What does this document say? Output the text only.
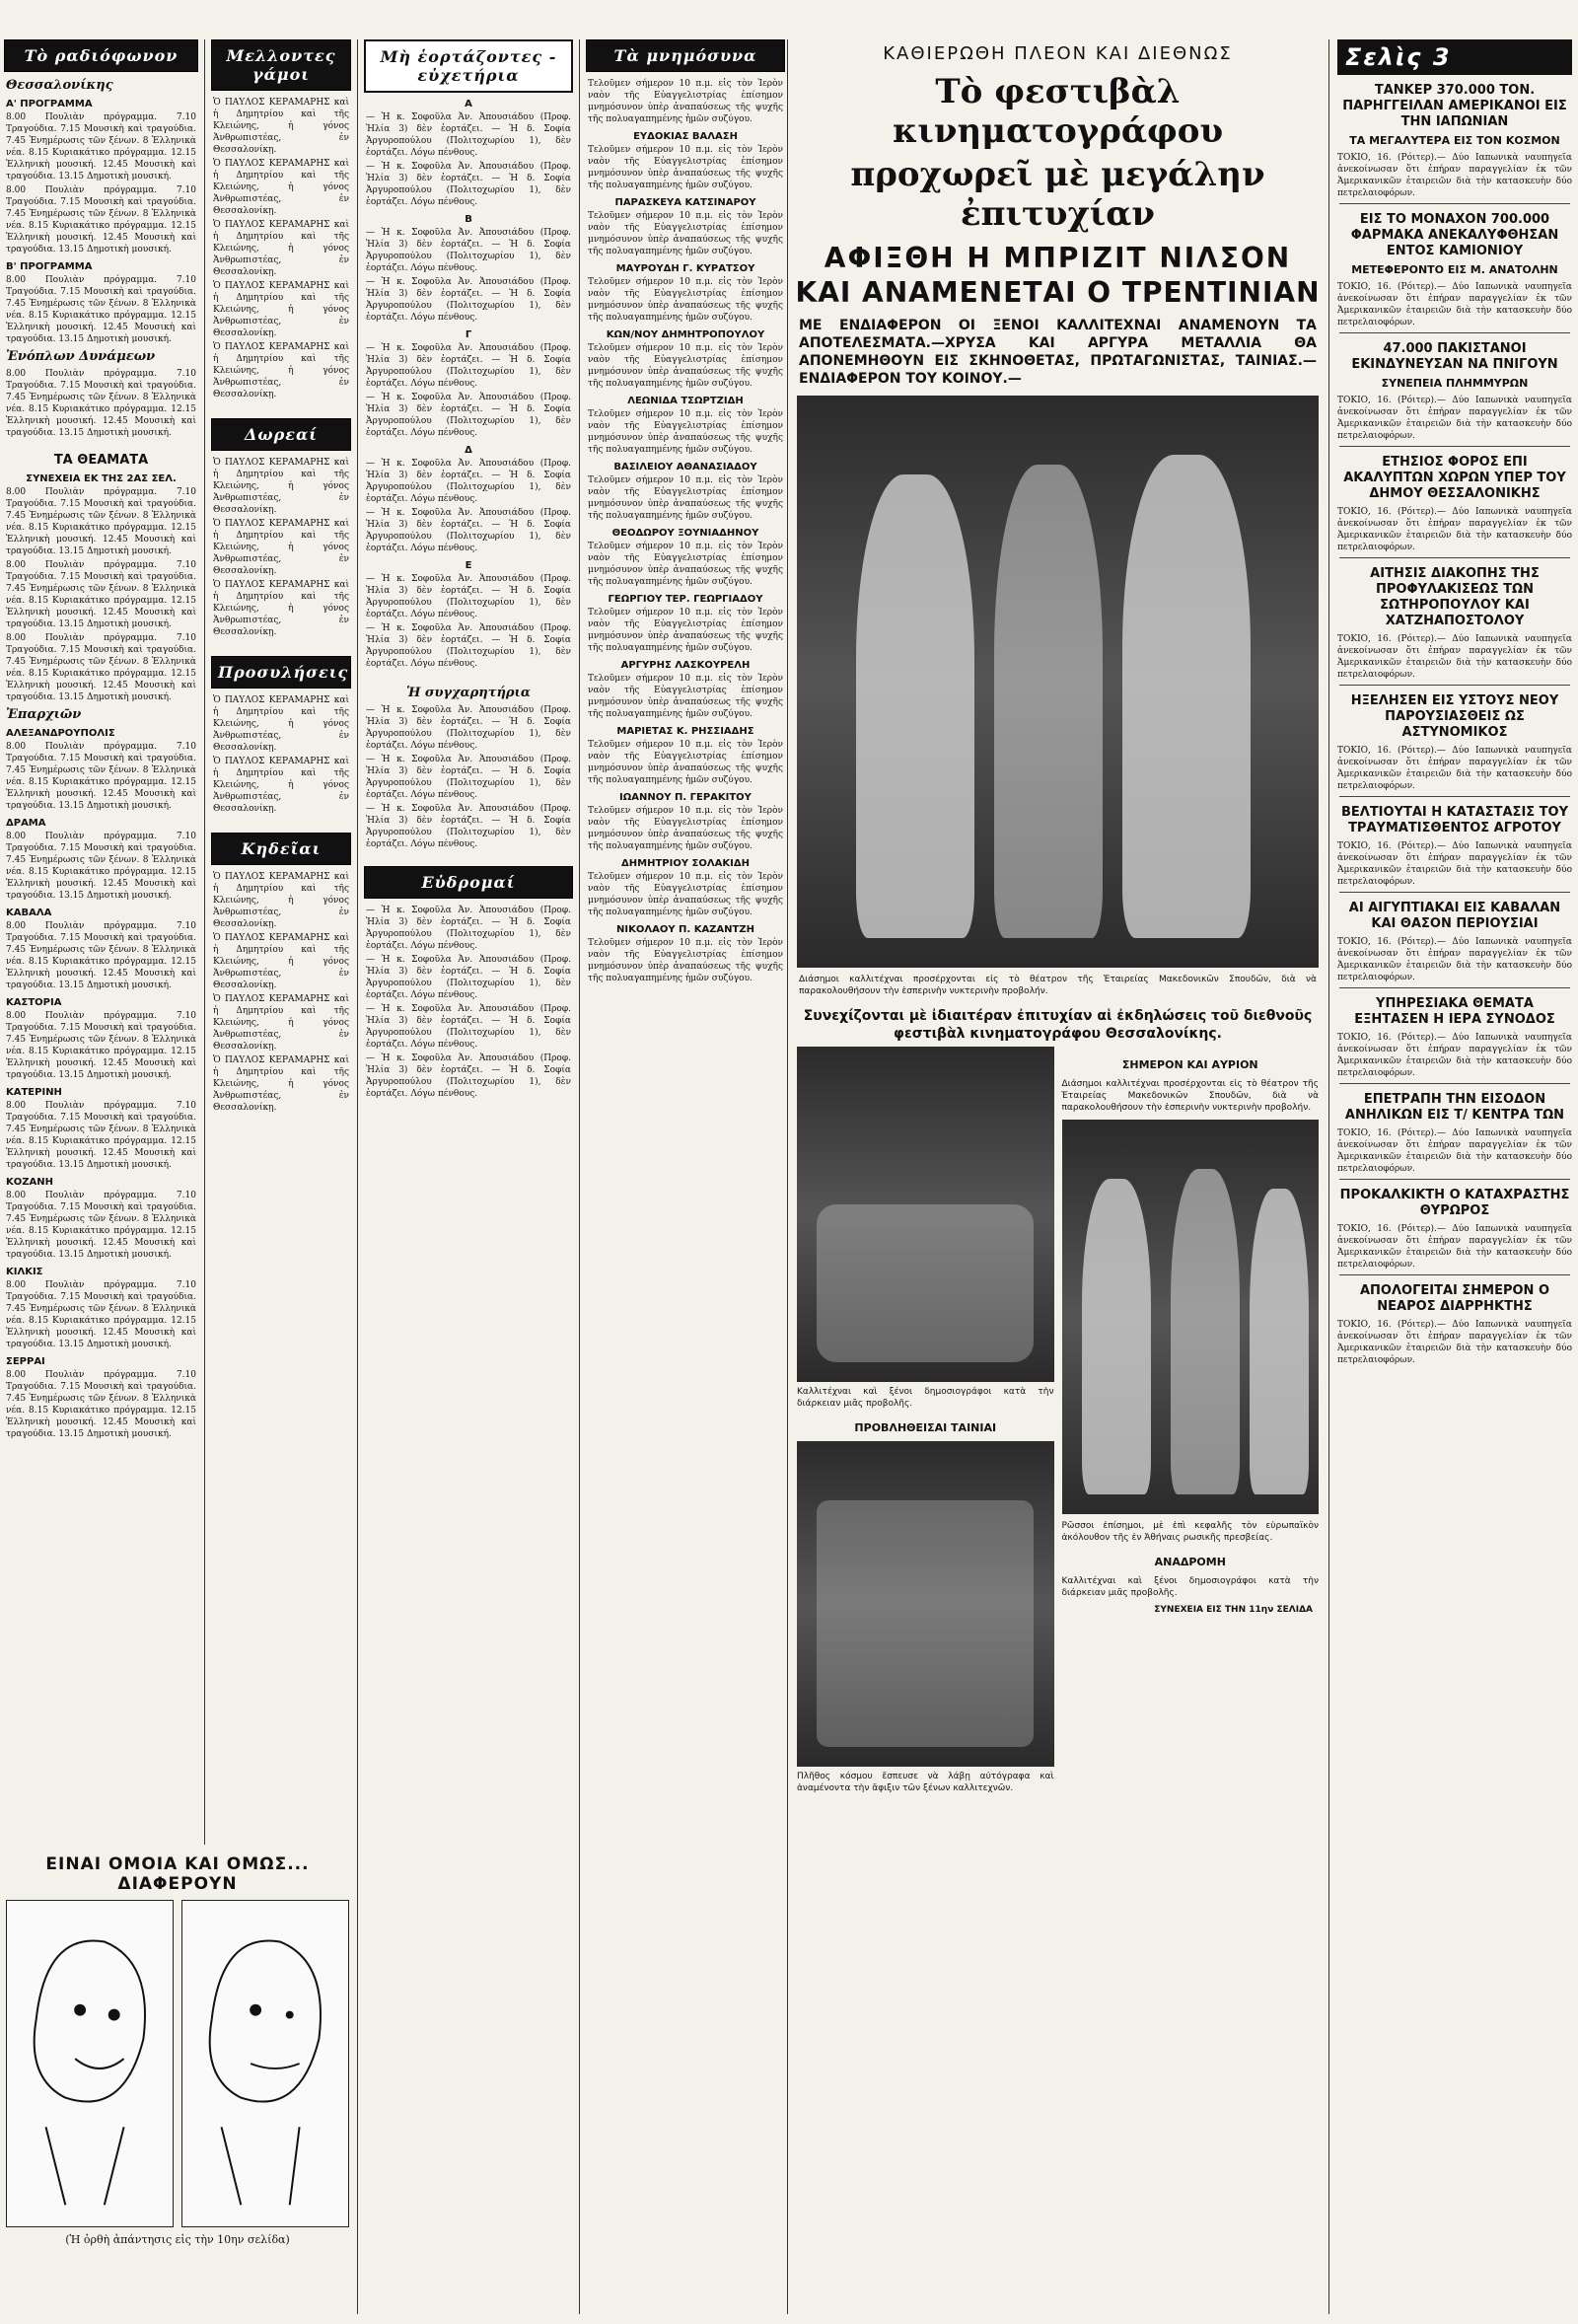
Τὸ ραδιόφωνον
Θεσσαλονίκης
Α' ΠΡΟΓΡΑΜΜΑ
8.00 Πουλιὰν πρόγραμμα. 7.10 Τραγούδια. 7.15 Μουσικὴ καὶ τραγούδια. 7.45 Ἐνημέρωσις τῶν ξένων. 8 Ἑλληνικὰ νέα. 8.15 Κυριακάτικο πρόγραμμα. 12.15 Ἑλληνικὴ μουσική. 12.45 Μουσικὴ καὶ τραγούδια. 13.15 Δημοτικὴ μουσική.
8.00 Πουλιὰν πρόγραμμα. 7.10 Τραγούδια. 7.15 Μουσικὴ καὶ τραγούδια. 7.45 Ἐνημέρωσις τῶν ξένων. 8 Ἑλληνικὰ νέα. 8.15 Κυριακάτικο πρόγραμμα. 12.15 Ἑλληνικὴ μουσική. 12.45 Μουσικὴ καὶ τραγούδια. 13.15 Δημοτικὴ μουσική.
Β' ΠΡΟΓΡΑΜΜΑ
8.00 Πουλιὰν πρόγραμμα. 7.10 Τραγούδια. 7.15 Μουσικὴ καὶ τραγούδια. 7.45 Ἐνημέρωσις τῶν ξένων. 8 Ἑλληνικὰ νέα. 8.15 Κυριακάτικο πρόγραμμα. 12.15 Ἑλληνικὴ μουσική. 12.45 Μουσικὴ καὶ τραγούδια. 13.15 Δημοτικὴ μουσική.
Ἐνόπλων Δυνάμεων
8.00 Πουλιὰν πρόγραμμα. 7.10 Τραγούδια. 7.15 Μουσικὴ καὶ τραγούδια. 7.45 Ἐνημέρωσις τῶν ξένων. 8 Ἑλληνικὰ νέα. 8.15 Κυριακάτικο πρόγραμμα. 12.15 Ἑλληνικὴ μουσική. 12.45 Μουσικὴ καὶ τραγούδια. 13.15 Δημοτικὴ μουσική.
ΤΑ ΘΕΑΜΑΤΑ
ΣΥΝΕΧΕΙΑ ΕΚ ΤΗΣ 2ΑΣ ΣΕΛ.
8.00 Πουλιὰν πρόγραμμα. 7.10 Τραγούδια. 7.15 Μουσικὴ καὶ τραγούδια. 7.45 Ἐνημέρωσις τῶν ξένων. 8 Ἑλληνικὰ νέα. 8.15 Κυριακάτικο πρόγραμμα. 12.15 Ἑλληνικὴ μουσική. 12.45 Μουσικὴ καὶ τραγούδια. 13.15 Δημοτικὴ μουσική.
8.00 Πουλιὰν πρόγραμμα. 7.10 Τραγούδια. 7.15 Μουσικὴ καὶ τραγούδια. 7.45 Ἐνημέρωσις τῶν ξένων. 8 Ἑλληνικὰ νέα. 8.15 Κυριακάτικο πρόγραμμα. 12.15 Ἑλληνικὴ μουσική. 12.45 Μουσικὴ καὶ τραγούδια. 13.15 Δημοτικὴ μουσική.
8.00 Πουλιὰν πρόγραμμα. 7.10 Τραγούδια. 7.15 Μουσικὴ καὶ τραγούδια. 7.45 Ἐνημέρωσις τῶν ξένων. 8 Ἑλληνικὰ νέα. 8.15 Κυριακάτικο πρόγραμμα. 12.15 Ἑλληνικὴ μουσική. 12.45 Μουσικὴ καὶ τραγούδια. 13.15 Δημοτικὴ μουσική.
Ἐπαρχιῶν
ΑΛΕΞΑΝΔΡΟΥΠΟΛΙΣ
8.00 Πουλιὰν πρόγραμμα. 7.10 Τραγούδια. 7.15 Μουσικὴ καὶ τραγούδια. 7.45 Ἐνημέρωσις τῶν ξένων. 8 Ἑλληνικὰ νέα. 8.15 Κυριακάτικο πρόγραμμα. 12.15 Ἑλληνικὴ μουσική. 12.45 Μουσικὴ καὶ τραγούδια. 13.15 Δημοτικὴ μουσική.
ΔΡΑΜΑ
8.00 Πουλιὰν πρόγραμμα. 7.10 Τραγούδια. 7.15 Μουσικὴ καὶ τραγούδια. 7.45 Ἐνημέρωσις τῶν ξένων. 8 Ἑλληνικὰ νέα. 8.15 Κυριακάτικο πρόγραμμα. 12.15 Ἑλληνικὴ μουσική. 12.45 Μουσικὴ καὶ τραγούδια. 13.15 Δημοτικὴ μουσική.
ΚΑΒΑΛΑ
8.00 Πουλιὰν πρόγραμμα. 7.10 Τραγούδια. 7.15 Μουσικὴ καὶ τραγούδια. 7.45 Ἐνημέρωσις τῶν ξένων. 8 Ἑλληνικὰ νέα. 8.15 Κυριακάτικο πρόγραμμα. 12.15 Ἑλληνικὴ μουσική. 12.45 Μουσικὴ καὶ τραγούδια. 13.15 Δημοτικὴ μουσική.
ΚΑΣΤΟΡΙΑ
8.00 Πουλιὰν πρόγραμμα. 7.10 Τραγούδια. 7.15 Μουσικὴ καὶ τραγούδια. 7.45 Ἐνημέρωσις τῶν ξένων. 8 Ἑλληνικὰ νέα. 8.15 Κυριακάτικο πρόγραμμα. 12.15 Ἑλληνικὴ μουσική. 12.45 Μουσικὴ καὶ τραγούδια. 13.15 Δημοτικὴ μουσική.
ΚΑΤΕΡΙΝΗ
8.00 Πουλιὰν πρόγραμμα. 7.10 Τραγούδια. 7.15 Μουσικὴ καὶ τραγούδια. 7.45 Ἐνημέρωσις τῶν ξένων. 8 Ἑλληνικὰ νέα. 8.15 Κυριακάτικο πρόγραμμα. 12.15 Ἑλληνικὴ μουσική. 12.45 Μουσικὴ καὶ τραγούδια. 13.15 Δημοτικὴ μουσική.
ΚΟΖΑΝΗ
8.00 Πουλιὰν πρόγραμμα. 7.10 Τραγούδια. 7.15 Μουσικὴ καὶ τραγούδια. 7.45 Ἐνημέρωσις τῶν ξένων. 8 Ἑλληνικὰ νέα. 8.15 Κυριακάτικο πρόγραμμα. 12.15 Ἑλληνικὴ μουσική. 12.45 Μουσικὴ καὶ τραγούδια. 13.15 Δημοτικὴ μουσική.
ΚΙΛΚΙΣ
8.00 Πουλιὰν πρόγραμμα. 7.10 Τραγούδια. 7.15 Μουσικὴ καὶ τραγούδια. 7.45 Ἐνημέρωσις τῶν ξένων. 8 Ἑλληνικὰ νέα. 8.15 Κυριακάτικο πρόγραμμα. 12.15 Ἑλληνικὴ μουσική. 12.45 Μουσικὴ καὶ τραγούδια. 13.15 Δημοτικὴ μουσική.
ΣΕΡΡΑΙ
8.00 Πουλιὰν πρόγραμμα. 7.10 Τραγούδια. 7.15 Μουσικὴ καὶ τραγούδια. 7.45 Ἐνημέρωσις τῶν ξένων. 8 Ἑλληνικὰ νέα. 8.15 Κυριακάτικο πρόγραμμα. 12.15 Ἑλληνικὴ μουσική. 12.45 Μουσικὴ καὶ τραγούδια. 13.15 Δημοτικὴ μουσική.
Μελλοντες γάμοι
Ὁ ΠΑΥΛΟΣ ΚΕΡΑΜΑΡΗΣ καὶ ἡ Δημητρίου καὶ τῆς Κλειώνης, ἡ γόνος Ἀνθρωπιστέας, ἐν Θεσσαλονίκῃ.
Ὁ ΠΑΥΛΟΣ ΚΕΡΑΜΑΡΗΣ καὶ ἡ Δημητρίου καὶ τῆς Κλειώνης, ἡ γόνος Ἀνθρωπιστέας, ἐν Θεσσαλονίκῃ.
Ὁ ΠΑΥΛΟΣ ΚΕΡΑΜΑΡΗΣ καὶ ἡ Δημητρίου καὶ τῆς Κλειώνης, ἡ γόνος Ἀνθρωπιστέας, ἐν Θεσσαλονίκῃ.
Ὁ ΠΑΥΛΟΣ ΚΕΡΑΜΑΡΗΣ καὶ ἡ Δημητρίου καὶ τῆς Κλειώνης, ἡ γόνος Ἀνθρωπιστέας, ἐν Θεσσαλονίκῃ.
Ὁ ΠΑΥΛΟΣ ΚΕΡΑΜΑΡΗΣ καὶ ἡ Δημητρίου καὶ τῆς Κλειώνης, ἡ γόνος Ἀνθρωπιστέας, ἐν Θεσσαλονίκῃ.
Δωρεαί
Ὁ ΠΑΥΛΟΣ ΚΕΡΑΜΑΡΗΣ καὶ ἡ Δημητρίου καὶ τῆς Κλειώνης, ἡ γόνος Ἀνθρωπιστέας, ἐν Θεσσαλονίκῃ.
Ὁ ΠΑΥΛΟΣ ΚΕΡΑΜΑΡΗΣ καὶ ἡ Δημητρίου καὶ τῆς Κλειώνης, ἡ γόνος Ἀνθρωπιστέας, ἐν Θεσσαλονίκῃ.
Ὁ ΠΑΥΛΟΣ ΚΕΡΑΜΑΡΗΣ καὶ ἡ Δημητρίου καὶ τῆς Κλειώνης, ἡ γόνος Ἀνθρωπιστέας, ἐν Θεσσαλονίκῃ.
Προσυλήσεις
Ὁ ΠΑΥΛΟΣ ΚΕΡΑΜΑΡΗΣ καὶ ἡ Δημητρίου καὶ τῆς Κλειώνης, ἡ γόνος Ἀνθρωπιστέας, ἐν Θεσσαλονίκῃ.
Ὁ ΠΑΥΛΟΣ ΚΕΡΑΜΑΡΗΣ καὶ ἡ Δημητρίου καὶ τῆς Κλειώνης, ἡ γόνος Ἀνθρωπιστέας, ἐν Θεσσαλονίκῃ.
Κηδεῖαι
Ὁ ΠΑΥΛΟΣ ΚΕΡΑΜΑΡΗΣ καὶ ἡ Δημητρίου καὶ τῆς Κλειώνης, ἡ γόνος Ἀνθρωπιστέας, ἐν Θεσσαλονίκῃ.
Ὁ ΠΑΥΛΟΣ ΚΕΡΑΜΑΡΗΣ καὶ ἡ Δημητρίου καὶ τῆς Κλειώνης, ἡ γόνος Ἀνθρωπιστέας, ἐν Θεσσαλονίκῃ.
Ὁ ΠΑΥΛΟΣ ΚΕΡΑΜΑΡΗΣ καὶ ἡ Δημητρίου καὶ τῆς Κλειώνης, ἡ γόνος Ἀνθρωπιστέας, ἐν Θεσσαλονίκῃ.
Ὁ ΠΑΥΛΟΣ ΚΕΡΑΜΑΡΗΣ καὶ ἡ Δημητρίου καὶ τῆς Κλειώνης, ἡ γόνος Ἀνθρωπιστέας, ἐν Θεσσαλονίκῃ.
Μὴ ἑορτάζοντες - εὐχετήρια
Α
— Ἡ κ. Σοφοῦλα Ἀν. Ἀπουσιάδου (Προφ. Ἠλία 3) δὲν ἑορτάζει. — Ἡ δ. Σοφία Ἀργυροπούλου (Πολιτοχωρίου 1), δὲν ἑορτάζει. Λόγω πένθους.
— Ἡ κ. Σοφοῦλα Ἀν. Ἀπουσιάδου (Προφ. Ἠλία 3) δὲν ἑορτάζει. — Ἡ δ. Σοφία Ἀργυροπούλου (Πολιτοχωρίου 1), δὲν ἑορτάζει. Λόγω πένθους.
Β
— Ἡ κ. Σοφοῦλα Ἀν. Ἀπουσιάδου (Προφ. Ἠλία 3) δὲν ἑορτάζει. — Ἡ δ. Σοφία Ἀργυροπούλου (Πολιτοχωρίου 1), δὲν ἑορτάζει. Λόγω πένθους.
— Ἡ κ. Σοφοῦλα Ἀν. Ἀπουσιάδου (Προφ. Ἠλία 3) δὲν ἑορτάζει. — Ἡ δ. Σοφία Ἀργυροπούλου (Πολιτοχωρίου 1), δὲν ἑορτάζει. Λόγω πένθους.
Γ
— Ἡ κ. Σοφοῦλα Ἀν. Ἀπουσιάδου (Προφ. Ἠλία 3) δὲν ἑορτάζει. — Ἡ δ. Σοφία Ἀργυροπούλου (Πολιτοχωρίου 1), δὲν ἑορτάζει. Λόγω πένθους.
— Ἡ κ. Σοφοῦλα Ἀν. Ἀπουσιάδου (Προφ. Ἠλία 3) δὲν ἑορτάζει. — Ἡ δ. Σοφία Ἀργυροπούλου (Πολιτοχωρίου 1), δὲν ἑορτάζει. Λόγω πένθους.
Δ
— Ἡ κ. Σοφοῦλα Ἀν. Ἀπουσιάδου (Προφ. Ἠλία 3) δὲν ἑορτάζει. — Ἡ δ. Σοφία Ἀργυροπούλου (Πολιτοχωρίου 1), δὲν ἑορτάζει. Λόγω πένθους.
— Ἡ κ. Σοφοῦλα Ἀν. Ἀπουσιάδου (Προφ. Ἠλία 3) δὲν ἑορτάζει. — Ἡ δ. Σοφία Ἀργυροπούλου (Πολιτοχωρίου 1), δὲν ἑορτάζει. Λόγω πένθους.
Ε
— Ἡ κ. Σοφοῦλα Ἀν. Ἀπουσιάδου (Προφ. Ἠλία 3) δὲν ἑορτάζει. — Ἡ δ. Σοφία Ἀργυροπούλου (Πολιτοχωρίου 1), δὲν ἑορτάζει. Λόγω πένθους.
— Ἡ κ. Σοφοῦλα Ἀν. Ἀπουσιάδου (Προφ. Ἠλία 3) δὲν ἑορτάζει. — Ἡ δ. Σοφία Ἀργυροπούλου (Πολιτοχωρίου 1), δὲν ἑορτάζει. Λόγω πένθους.
Ἡ συγχαρητήρια
— Ἡ κ. Σοφοῦλα Ἀν. Ἀπουσιάδου (Προφ. Ἠλία 3) δὲν ἑορτάζει. — Ἡ δ. Σοφία Ἀργυροπούλου (Πολιτοχωρίου 1), δὲν ἑορτάζει. Λόγω πένθους.
— Ἡ κ. Σοφοῦλα Ἀν. Ἀπουσιάδου (Προφ. Ἠλία 3) δὲν ἑορτάζει. — Ἡ δ. Σοφία Ἀργυροπούλου (Πολιτοχωρίου 1), δὲν ἑορτάζει. Λόγω πένθους.
— Ἡ κ. Σοφοῦλα Ἀν. Ἀπουσιάδου (Προφ. Ἠλία 3) δὲν ἑορτάζει. — Ἡ δ. Σοφία Ἀργυροπούλου (Πολιτοχωρίου 1), δὲν ἑορτάζει. Λόγω πένθους.
Εὐδρομαί
— Ἡ κ. Σοφοῦλα Ἀν. Ἀπουσιάδου (Προφ. Ἠλία 3) δὲν ἑορτάζει. — Ἡ δ. Σοφία Ἀργυροπούλου (Πολιτοχωρίου 1), δὲν ἑορτάζει. Λόγω πένθους.
— Ἡ κ. Σοφοῦλα Ἀν. Ἀπουσιάδου (Προφ. Ἠλία 3) δὲν ἑορτάζει. — Ἡ δ. Σοφία Ἀργυροπούλου (Πολιτοχωρίου 1), δὲν ἑορτάζει. Λόγω πένθους.
— Ἡ κ. Σοφοῦλα Ἀν. Ἀπουσιάδου (Προφ. Ἠλία 3) δὲν ἑορτάζει. — Ἡ δ. Σοφία Ἀργυροπούλου (Πολιτοχωρίου 1), δὲν ἑορτάζει. Λόγω πένθους.
— Ἡ κ. Σοφοῦλα Ἀν. Ἀπουσιάδου (Προφ. Ἠλία 3) δὲν ἑορτάζει. — Ἡ δ. Σοφία Ἀργυροπούλου (Πολιτοχωρίου 1), δὲν ἑορτάζει. Λόγω πένθους.
Τὰ μνημόσυνα
Τελοῦμεν σήμερον 10 π.μ. εἰς τὸν Ἱερὸν ναὸν τῆς Εὐαγγελιστρίας ἐπίσημον μνημόσυνον ὑπὲρ ἀναπαύσεως τῆς ψυχῆς τῆς πολυαγαπημένης ἡμῶν συζύγου.
ΕΥΔΟΚΙΑΣ ΒΑΛΑΣΗ
Τελοῦμεν σήμερον 10 π.μ. εἰς τὸν Ἱερὸν ναὸν τῆς Εὐαγγελιστρίας ἐπίσημον μνημόσυνον ὑπὲρ ἀναπαύσεως τῆς ψυχῆς τῆς πολυαγαπημένης ἡμῶν συζύγου.
ΠΑΡΑΣΚΕΥΑ ΚΑΤΣΙΝΑΡΟΥ
Τελοῦμεν σήμερον 10 π.μ. εἰς τὸν Ἱερὸν ναὸν τῆς Εὐαγγελιστρίας ἐπίσημον μνημόσυνον ὑπὲρ ἀναπαύσεως τῆς ψυχῆς τῆς πολυαγαπημένης ἡμῶν συζύγου.
ΜΑΥΡΟΥΔΗ Γ. ΚΥΡΑΤΣΟΥ
Τελοῦμεν σήμερον 10 π.μ. εἰς τὸν Ἱερὸν ναὸν τῆς Εὐαγγελιστρίας ἐπίσημον μνημόσυνον ὑπὲρ ἀναπαύσεως τῆς ψυχῆς τῆς πολυαγαπημένης ἡμῶν συζύγου.
ΚΩΝ/ΝΟΥ ΔΗΜΗΤΡΟΠΟΥΛΟΥ
Τελοῦμεν σήμερον 10 π.μ. εἰς τὸν Ἱερὸν ναὸν τῆς Εὐαγγελιστρίας ἐπίσημον μνημόσυνον ὑπὲρ ἀναπαύσεως τῆς ψυχῆς τῆς πολυαγαπημένης ἡμῶν συζύγου.
ΛΕΩΝΙΔΑ ΤΣΩΡΤΖΙΔΗ
Τελοῦμεν σήμερον 10 π.μ. εἰς τὸν Ἱερὸν ναὸν τῆς Εὐαγγελιστρίας ἐπίσημον μνημόσυνον ὑπὲρ ἀναπαύσεως τῆς ψυχῆς τῆς πολυαγαπημένης ἡμῶν συζύγου.
ΒΑΣΙΛΕΙΟΥ ΑΘΑΝΑΣΙΑΔΟΥ
Τελοῦμεν σήμερον 10 π.μ. εἰς τὸν Ἱερὸν ναὸν τῆς Εὐαγγελιστρίας ἐπίσημον μνημόσυνον ὑπὲρ ἀναπαύσεως τῆς ψυχῆς τῆς πολυαγαπημένης ἡμῶν συζύγου.
ΘΕΟΔΩΡΟΥ ΞΟΥΝΙΑΔΗΝΟΥ
Τελοῦμεν σήμερον 10 π.μ. εἰς τὸν Ἱερὸν ναὸν τῆς Εὐαγγελιστρίας ἐπίσημον μνημόσυνον ὑπὲρ ἀναπαύσεως τῆς ψυχῆς τῆς πολυαγαπημένης ἡμῶν συζύγου.
ΓΕΩΡΓΙΟΥ ΤΕΡ. ΓΕΩΡΓΙΑΔΟΥ
Τελοῦμεν σήμερον 10 π.μ. εἰς τὸν Ἱερὸν ναὸν τῆς Εὐαγγελιστρίας ἐπίσημον μνημόσυνον ὑπὲρ ἀναπαύσεως τῆς ψυχῆς τῆς πολυαγαπημένης ἡμῶν συζύγου.
ΑΡΓΥΡΗΣ ΛΑΣΚΟΥΡΕΛΗ
Τελοῦμεν σήμερον 10 π.μ. εἰς τὸν Ἱερὸν ναὸν τῆς Εὐαγγελιστρίας ἐπίσημον μνημόσυνον ὑπὲρ ἀναπαύσεως τῆς ψυχῆς τῆς πολυαγαπημένης ἡμῶν συζύγου.
ΜΑΡΙΕΤΑΣ Κ. ΡΗΣΣΙΑΔΗΣ
Τελοῦμεν σήμερον 10 π.μ. εἰς τὸν Ἱερὸν ναὸν τῆς Εὐαγγελιστρίας ἐπίσημον μνημόσυνον ὑπὲρ ἀναπαύσεως τῆς ψυχῆς τῆς πολυαγαπημένης ἡμῶν συζύγου.
ΙΩΑΝΝΟΥ Π. ΓΕΡΑΚΙΤΟΥ
Τελοῦμεν σήμερον 10 π.μ. εἰς τὸν Ἱερὸν ναὸν τῆς Εὐαγγελιστρίας ἐπίσημον μνημόσυνον ὑπὲρ ἀναπαύσεως τῆς ψυχῆς τῆς πολυαγαπημένης ἡμῶν συζύγου.
ΔΗΜΗΤΡΙΟΥ ΣΟΛΑΚΙΔΗ
Τελοῦμεν σήμερον 10 π.μ. εἰς τὸν Ἱερὸν ναὸν τῆς Εὐαγγελιστρίας ἐπίσημον μνημόσυνον ὑπὲρ ἀναπαύσεως τῆς ψυχῆς τῆς πολυαγαπημένης ἡμῶν συζύγου.
ΝΙΚΟΛΑΟΥ Π. ΚΑΖΑΝΤΖΗ
Τελοῦμεν σήμερον 10 π.μ. εἰς τὸν Ἱερὸν ναὸν τῆς Εὐαγγελιστρίας ἐπίσημον μνημόσυνον ὑπὲρ ἀναπαύσεως τῆς ψυχῆς τῆς πολυαγαπημένης ἡμῶν συζύγου.
ΚΑΘΙΕΡΩΘΗ ΠΛΕΟΝ ΚΑΙ ΔΙΕΘΝΩΣ
Τὸ φεστιβὰλ κινηματογράφου
προχωρεῖ μὲ μεγάλην ἐπιτυχίαν
ΑΦΙΞΘΗ Η ΜΠΡΙΖΙΤ ΝΙΛΣΟΝ
ΚΑΙ ΑΝΑΜΕΝΕΤΑΙ Ο ΤΡΕΝΤΙΝΙΑΝ
ΜΕ ΕΝΔΙΑΦΕΡΟΝ ΟΙ ΞΕΝΟΙ ΚΑΛΛΙΤΕΧΝΑΙ ΑΝΑΜΕΝΟΥΝ ΤΑ ΑΠΟΤΕΛΕΣΜΑΤΑ.—ΧΡΥΣΑ ΚΑΙ ΑΡΓΥΡΑ ΜΕΤΑΛΛΙΑ ΘΑ ΑΠΟΝΕΜΗΘΟΥΝ ΕΙΣ ΣΚΗΝΟΘΕΤΑΣ, ΠΡΩΤΑΓΩΝΙΣΤΑΣ, ΤΑΙΝΙΑΣ.— ΕΝΔΙΑΦΕΡΟΝ ΤΟΥ ΚΟΙΝΟΥ.—
Διάσημοι καλλιτέχναι προσέρχονται εἰς τὸ θέατρον τῆς Ἑταιρείας Μακεδονικῶν Σπουδῶν, διὰ νὰ παρακολουθήσουν τὴν ἑσπερινὴν νυκτερινὴν προβολήν.
Συνεχίζονται μὲ ἰδιαιτέραν ἐπιτυχίαν αἱ ἐκδηλώσεις τοῦ διεθνοῦς φεστιβὰλ κινηματογράφου Θεσσαλονίκης.
Καλλιτέχναι καὶ ξένοι δημοσιογράφοι κατὰ τὴν διάρκειαν μιᾶς προβολῆς.
ΠΡΟΒΛΗΘΕΙΣΑΙ ΤΑΙΝΙΑΙ
Πλῆθος κόσμου ἔσπευσε νὰ λάβῃ αὐτόγραφα καὶ ἀναμένοντα τὴν ἄφιξιν τῶν ξένων καλλιτεχνῶν.
ΣΗΜΕΡΟΝ ΚΑΙ ΑΥΡΙΟΝ
Διάσημοι καλλιτέχναι προσέρχονται εἰς τὸ θέατρον τῆς Ἑταιρείας Μακεδονικῶν Σπουδῶν, διὰ νὰ παρακολουθήσουν τὴν ἑσπερινὴν νυκτερινὴν προβολήν.
Ρῶσσοι ἐπίσημοι, μὲ ἐπὶ κεφαλῆς τὸν εὐρωπαϊκὸν ἀκόλουθον τῆς ἐν Ἀθήναις ρωσικῆς πρεσβείας.
ΑΝΑΔΡΟΜΗ
Καλλιτέχναι καὶ ξένοι δημοσιογράφοι κατὰ τὴν διάρκειαν μιᾶς προβολῆς.
ΣΥΝΕΧΕΙΑ ΕΙΣ ΤΗΝ 11ην ΣΕΛΙΔΑ
Σελὶς 3
ΤΑΝΚΕΡ 370.000 ΤΟΝ. ΠΑΡΗΓΓΕΙΛΑΝ ΑΜΕΡΙΚΑΝΟΙ ΕΙΣ ΤΗΝ ΙΑΠΩΝΙΑΝ
ΤΑ ΜΕΓΑΛΥΤΕΡΑ ΕΙΣ ΤΟΝ ΚΟΣΜΟΝ
ΤΟΚΙΟ, 16. (Ρόιτερ).— Δύο Ιαπωνικὰ ναυπηγεῖα ἀνεκοίνωσαν ὅτι ἐπήραν παραγγελίαν ἐκ τῶν Ἀμερικανικῶν ἑταιρειῶν διὰ τὴν κατασκευὴν δύο πετρελαιοφόρων.
ΕΙΣ ΤΟ ΜΟΝΑΧΟΝ 700.000 ΦΑΡΜΑΚΑ ΑΝΕΚΑΛΥΦΘΗΣΑΝ ΕΝΤΟΣ ΚΑΜΙΟΝΙΟΥ
ΜΕΤΕΦΕΡΟΝΤΟ ΕΙΣ Μ. ΑΝΑΤΟΛΗΝ
ΤΟΚΙΟ, 16. (Ρόιτερ).— Δύο Ιαπωνικὰ ναυπηγεῖα ἀνεκοίνωσαν ὅτι ἐπήραν παραγγελίαν ἐκ τῶν Ἀμερικανικῶν ἑταιρειῶν διὰ τὴν κατασκευὴν δύο πετρελαιοφόρων.
47.000 ΠΑΚΙΣΤΑΝΟΙ ΕΚΙΝΔΥΝΕΥΣΑΝ ΝΑ ΠΝΙΓΟΥΝ
ΣΥΝΕΠΕΙΑ ΠΛΗΜΜΥΡΩΝ
ΤΟΚΙΟ, 16. (Ρόιτερ).— Δύο Ιαπωνικὰ ναυπηγεῖα ἀνεκοίνωσαν ὅτι ἐπήραν παραγγελίαν ἐκ τῶν Ἀμερικανικῶν ἑταιρειῶν διὰ τὴν κατασκευὴν δύο πετρελαιοφόρων.
ΕΤΗΣΙΟΣ ΦΟΡΟΣ ΕΠΙ ΑΚΑΛΥΠΤΩΝ ΧΩΡΩΝ ΥΠΕΡ ΤΟΥ ΔΗΜΟΥ ΘΕΣΣΑΛΟΝΙΚΗΣ
ΤΟΚΙΟ, 16. (Ρόιτερ).— Δύο Ιαπωνικὰ ναυπηγεῖα ἀνεκοίνωσαν ὅτι ἐπήραν παραγγελίαν ἐκ τῶν Ἀμερικανικῶν ἑταιρειῶν διὰ τὴν κατασκευὴν δύο πετρελαιοφόρων.
ΑΙΤΗΣΙΣ ΔΙΑΚΟΠΗΣ ΤΗΣ ΠΡΟΦΥΛΑΚΙΣΕΩΣ ΤΩΝ ΣΩΤΗΡΟΠΟΥΛΟΥ ΚΑΙ ΧΑΤΖΗΑΠΟΣΤΟΛΟΥ
ΤΟΚΙΟ, 16. (Ρόιτερ).— Δύο Ιαπωνικὰ ναυπηγεῖα ἀνεκοίνωσαν ὅτι ἐπήραν παραγγελίαν ἐκ τῶν Ἀμερικανικῶν ἑταιρειῶν διὰ τὴν κατασκευὴν δύο πετρελαιοφόρων.
ΗΞΕΛΗΣΕΝ ΕΙΣ ΥΣΤΟΥΣ ΝΕΟΥ ΠΑΡΟΥΣΙΑΣΘΕΙΣ ΩΣ ΑΣΤΥΝΟΜΙΚΟΣ
ΤΟΚΙΟ, 16. (Ρόιτερ).— Δύο Ιαπωνικὰ ναυπηγεῖα ἀνεκοίνωσαν ὅτι ἐπήραν παραγγελίαν ἐκ τῶν Ἀμερικανικῶν ἑταιρειῶν διὰ τὴν κατασκευὴν δύο πετρελαιοφόρων.
ΒΕΛΤΙΟΥΤΑΙ Η ΚΑΤΑΣΤΑΣΙΣ ΤΟΥ ΤΡΑΥΜΑΤΙΣΘΕΝΤΟΣ ΑΓΡΟΤΟΥ
ΤΟΚΙΟ, 16. (Ρόιτερ).— Δύο Ιαπωνικὰ ναυπηγεῖα ἀνεκοίνωσαν ὅτι ἐπήραν παραγγελίαν ἐκ τῶν Ἀμερικανικῶν ἑταιρειῶν διὰ τὴν κατασκευὴν δύο πετρελαιοφόρων.
ΑΙ ΑΙΓΥΠΤΙΑΚΑΙ ΕΙΣ ΚΑΒΑΛΑΝ ΚΑΙ ΘΑΣΟΝ ΠΕΡΙΟΥΣΙΑΙ
ΤΟΚΙΟ, 16. (Ρόιτερ).— Δύο Ιαπωνικὰ ναυπηγεῖα ἀνεκοίνωσαν ὅτι ἐπήραν παραγγελίαν ἐκ τῶν Ἀμερικανικῶν ἑταιρειῶν διὰ τὴν κατασκευὴν δύο πετρελαιοφόρων.
ΥΠΗΡΕΣΙΑΚΑ ΘΕΜΑΤΑ ΕΞΗΤΑΣΕΝ Η ΙΕΡΑ ΣΥΝΟΔΟΣ
ΤΟΚΙΟ, 16. (Ρόιτερ).— Δύο Ιαπωνικὰ ναυπηγεῖα ἀνεκοίνωσαν ὅτι ἐπήραν παραγγελίαν ἐκ τῶν Ἀμερικανικῶν ἑταιρειῶν διὰ τὴν κατασκευὴν δύο πετρελαιοφόρων.
ΕΠΕΤΡΑΠΗ ΤΗΝ ΕΙΣΟΔΟΝ ΑΝΗΛΙΚΩΝ ΕΙΣ Τ/ ΚΕΝΤΡΑ ΤΩΝ
ΤΟΚΙΟ, 16. (Ρόιτερ).— Δύο Ιαπωνικὰ ναυπηγεῖα ἀνεκοίνωσαν ὅτι ἐπήραν παραγγελίαν ἐκ τῶν Ἀμερικανικῶν ἑταιρειῶν διὰ τὴν κατασκευὴν δύο πετρελαιοφόρων.
ΠΡΟΚΑΛΚΙΚΤΗ Ο ΚΑΤΑΧΡΑΣΤΗΣ ΘΥΡΩΡΟΣ
ΤΟΚΙΟ, 16. (Ρόιτερ).— Δύο Ιαπωνικὰ ναυπηγεῖα ἀνεκοίνωσαν ὅτι ἐπήραν παραγγελίαν ἐκ τῶν Ἀμερικανικῶν ἑταιρειῶν διὰ τὴν κατασκευὴν δύο πετρελαιοφόρων.
ΑΠΟΛΟΓΕΙΤΑΙ ΣΗΜΕΡΟΝ Ο ΝΕΑΡΟΣ ΔΙΑΡΡΗΚΤΗΣ
ΤΟΚΙΟ, 16. (Ρόιτερ).— Δύο Ιαπωνικὰ ναυπηγεῖα ἀνεκοίνωσαν ὅτι ἐπήραν παραγγελίαν ἐκ τῶν Ἀμερικανικῶν ἑταιρειῶν διὰ τὴν κατασκευὴν δύο πετρελαιοφόρων.
ΕΙΝΑΙ ΟΜΟΙΑ ΚΑΙ ΟΜΩΣ... ΔΙΑΦΕΡΟΥΝ
(Ἡ ὀρθὴ ἀπάντησις εἰς τὴν 10ην σελίδα)
